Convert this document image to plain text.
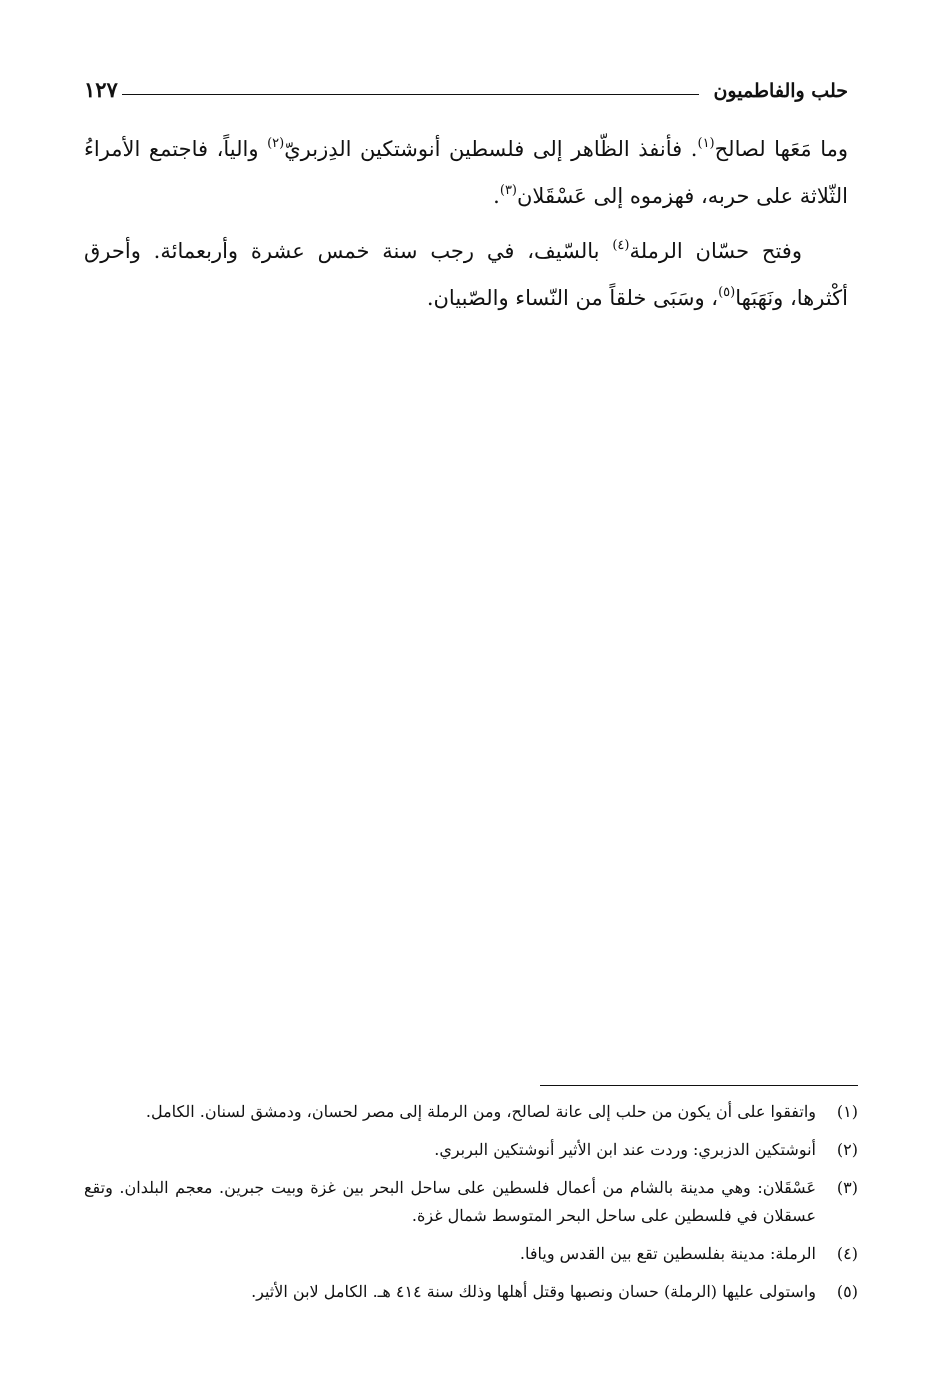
حلب والفاطميون
١٢٧

وما مَعَها لصالح$^{(١)}$. فأنفذ الظّاهر إلى فلسطين أنوشتكين الدِزبريّ$^{(٢)}$ والياً، فاجتمع الأمراءُ الثّلاثة على حربه، فهزموه إلى عَسْقَلان$^{(٣)}$.

وفتح حسّان الرملة$^{(٤)}$ بالسّيف، في رجب سنة خمس عشرة وأربعمائة. وأحرق أكْثرها، ونَهَبَها$^{(٥)}$، وسَبَى خلقاً من النّساء والصّبيان.

(١)واتفقوا على أن يكون من حلب إلى عانة لصالح، ومن الرملة إلى مصر لحسان، ودمشق لسنان. الكامل.

(٢)أنوشتكين الدزبري: وردت عند ابن الأثير أنوشتكين البربري.

(٣)عَسْقَلان: وهي مدينة بالشام من أعمال فلسطين على ساحل البحر بين غزة وبيت جبرين. معجم البلدان. وتقع عسقلان في فلسطين على ساحل البحر المتوسط شمال غزة.

(٤)الرملة: مدينة بفلسطين تقع بين القدس ويافا.

(٥)واستولى عليها (الرملة) حسان ونصبها وقتل أهلها وذلك سنة ٤١٤ هـ. الكامل لابن الأثير.
